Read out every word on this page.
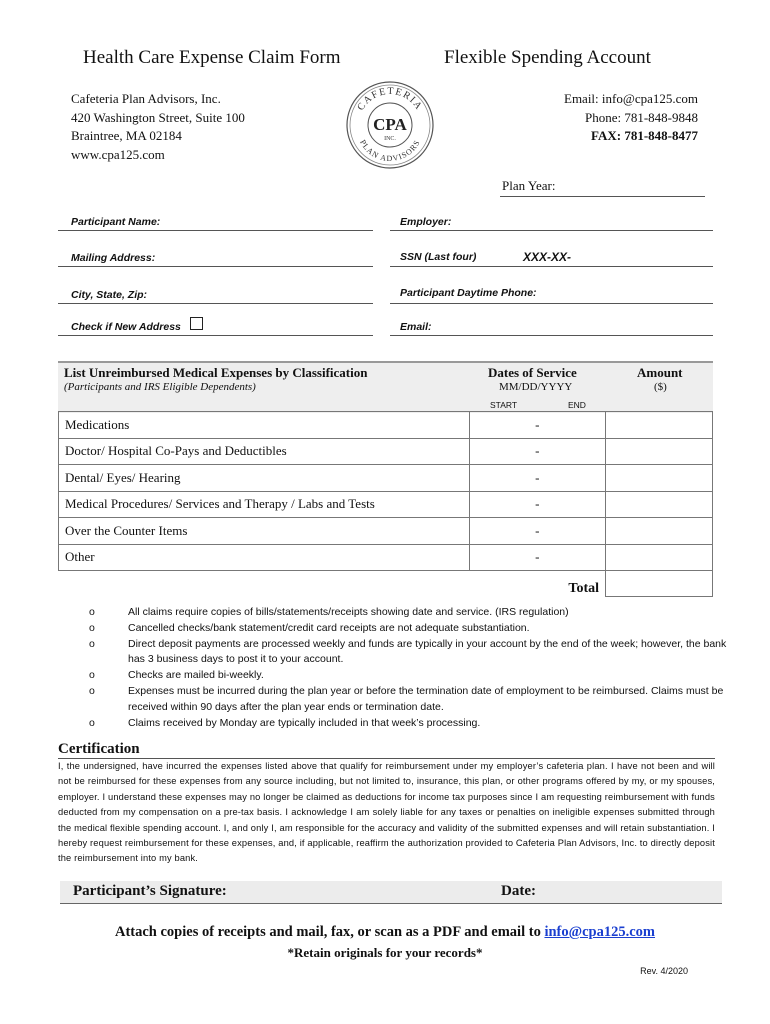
Health Care Expense Claim Form	Flexible Spending Account
Cafeteria Plan Advisors, Inc.
420 Washington Street, Suite 100
Braintree, MA 02184
www.cpa125.com
CAFETERIA
PLAN ADVISORS
CPA
INC.
Email: info@cpa125.com
Phone: 781-848-9848
FAX: 781-848-8477
Plan Year:
Participant Name:	Employer:
Mailing Address:	SSN (Last four)	XXX-XX-
City, State, Zip:	Participant Daytime Phone:
Check if New Address	Email:
List Unreimbursed Medical Expenses by Classification
(Participants and IRS Eligible Dependents)
Dates of Service
MM/DD/YYYY
START	END
Amount
($)
Medications	-	
Doctor/ Hospital Co-Pays and Deductibles	-	
Dental/ Eyes/ Hearing	-	
Medical Procedures/ Services and Therapy / Labs and Tests	-	
Over the Counter Items	-	
Other	-	
	Total	
o	All claims require copies of bills/statements/receipts showing date and service. (IRS regulation)
o	Cancelled checks/bank statement/credit card receipts are not adequate substantiation.
o	Direct deposit payments are processed weekly and funds are typically in your account by the end of the week; however, the bank has 3 business days to post it to your account.
o	Checks are mailed bi-weekly.
o	Expenses must be incurred during the plan year or before the termination date of employment to be reimbursed. Claims must be received within 90 days after the plan year ends or termination date.
o	Claims received by Monday are typically included in that week’s processing.
Certification
I, the undersigned, have incurred the expenses listed above that qualify for reimbursement under my employer’s cafeteria plan. I have not been and will not be reimbursed for these expenses from any source including, but not limited to, insurance, this plan, or other programs offered by my, or my spouses, employer. I understand these expenses may no longer be claimed as deductions for income tax purposes since I am requesting reimbursement with funds deducted from my compensation on a pre-tax basis. I acknowledge I am solely liable for any taxes or penalties on ineligible expenses submitted through the medical flexible spending account. I, and only I, am responsible for the accuracy and validity of the submitted expenses and will retain substantiation. I hereby request reimbursement for these expenses, and, if applicable, reaffirm the authorization provided to Cafeteria Plan Advisors, Inc. to directly deposit the reimbursement into my bank.
Participant’s Signature:	Date:
Attach copies of receipts and mail, fax, or scan as a PDF and email to info@cpa125.com
*Retain originals for your records*
Rev. 4/2020
